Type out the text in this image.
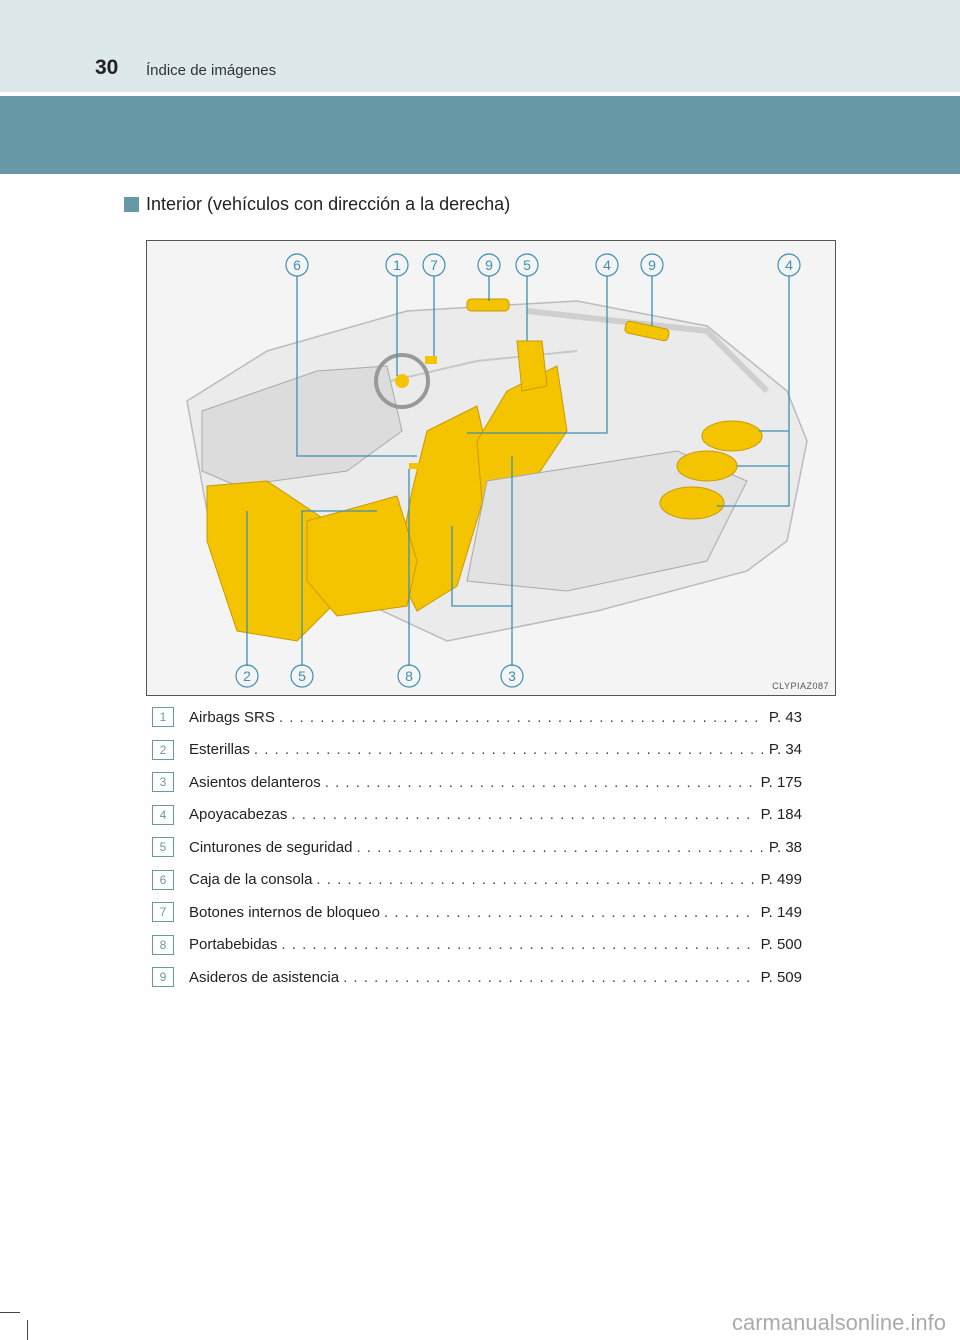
30 Índice de imágenes
Interior (vehículos con dirección a la derecha)
6	1 7	9 5	4	9	4
2	5	8	3
CLYPIAZ087
1	Airbags SRS . . .	P. 43
2	Esterillas . . .	P. 34
3	Asientos delanteros . . .	P. 175
4	Apoyacabezas . . .	P. 184
5	Cinturones de seguridad . . .	P. 38
6	Caja de la consola . . .	P. 499
7	Botones internos de bloqueo . . .	P. 149
8	Portabebidas . . .	P. 500
9	Asideros de asistencia . . .	P. 509
carmanualsonline.info
